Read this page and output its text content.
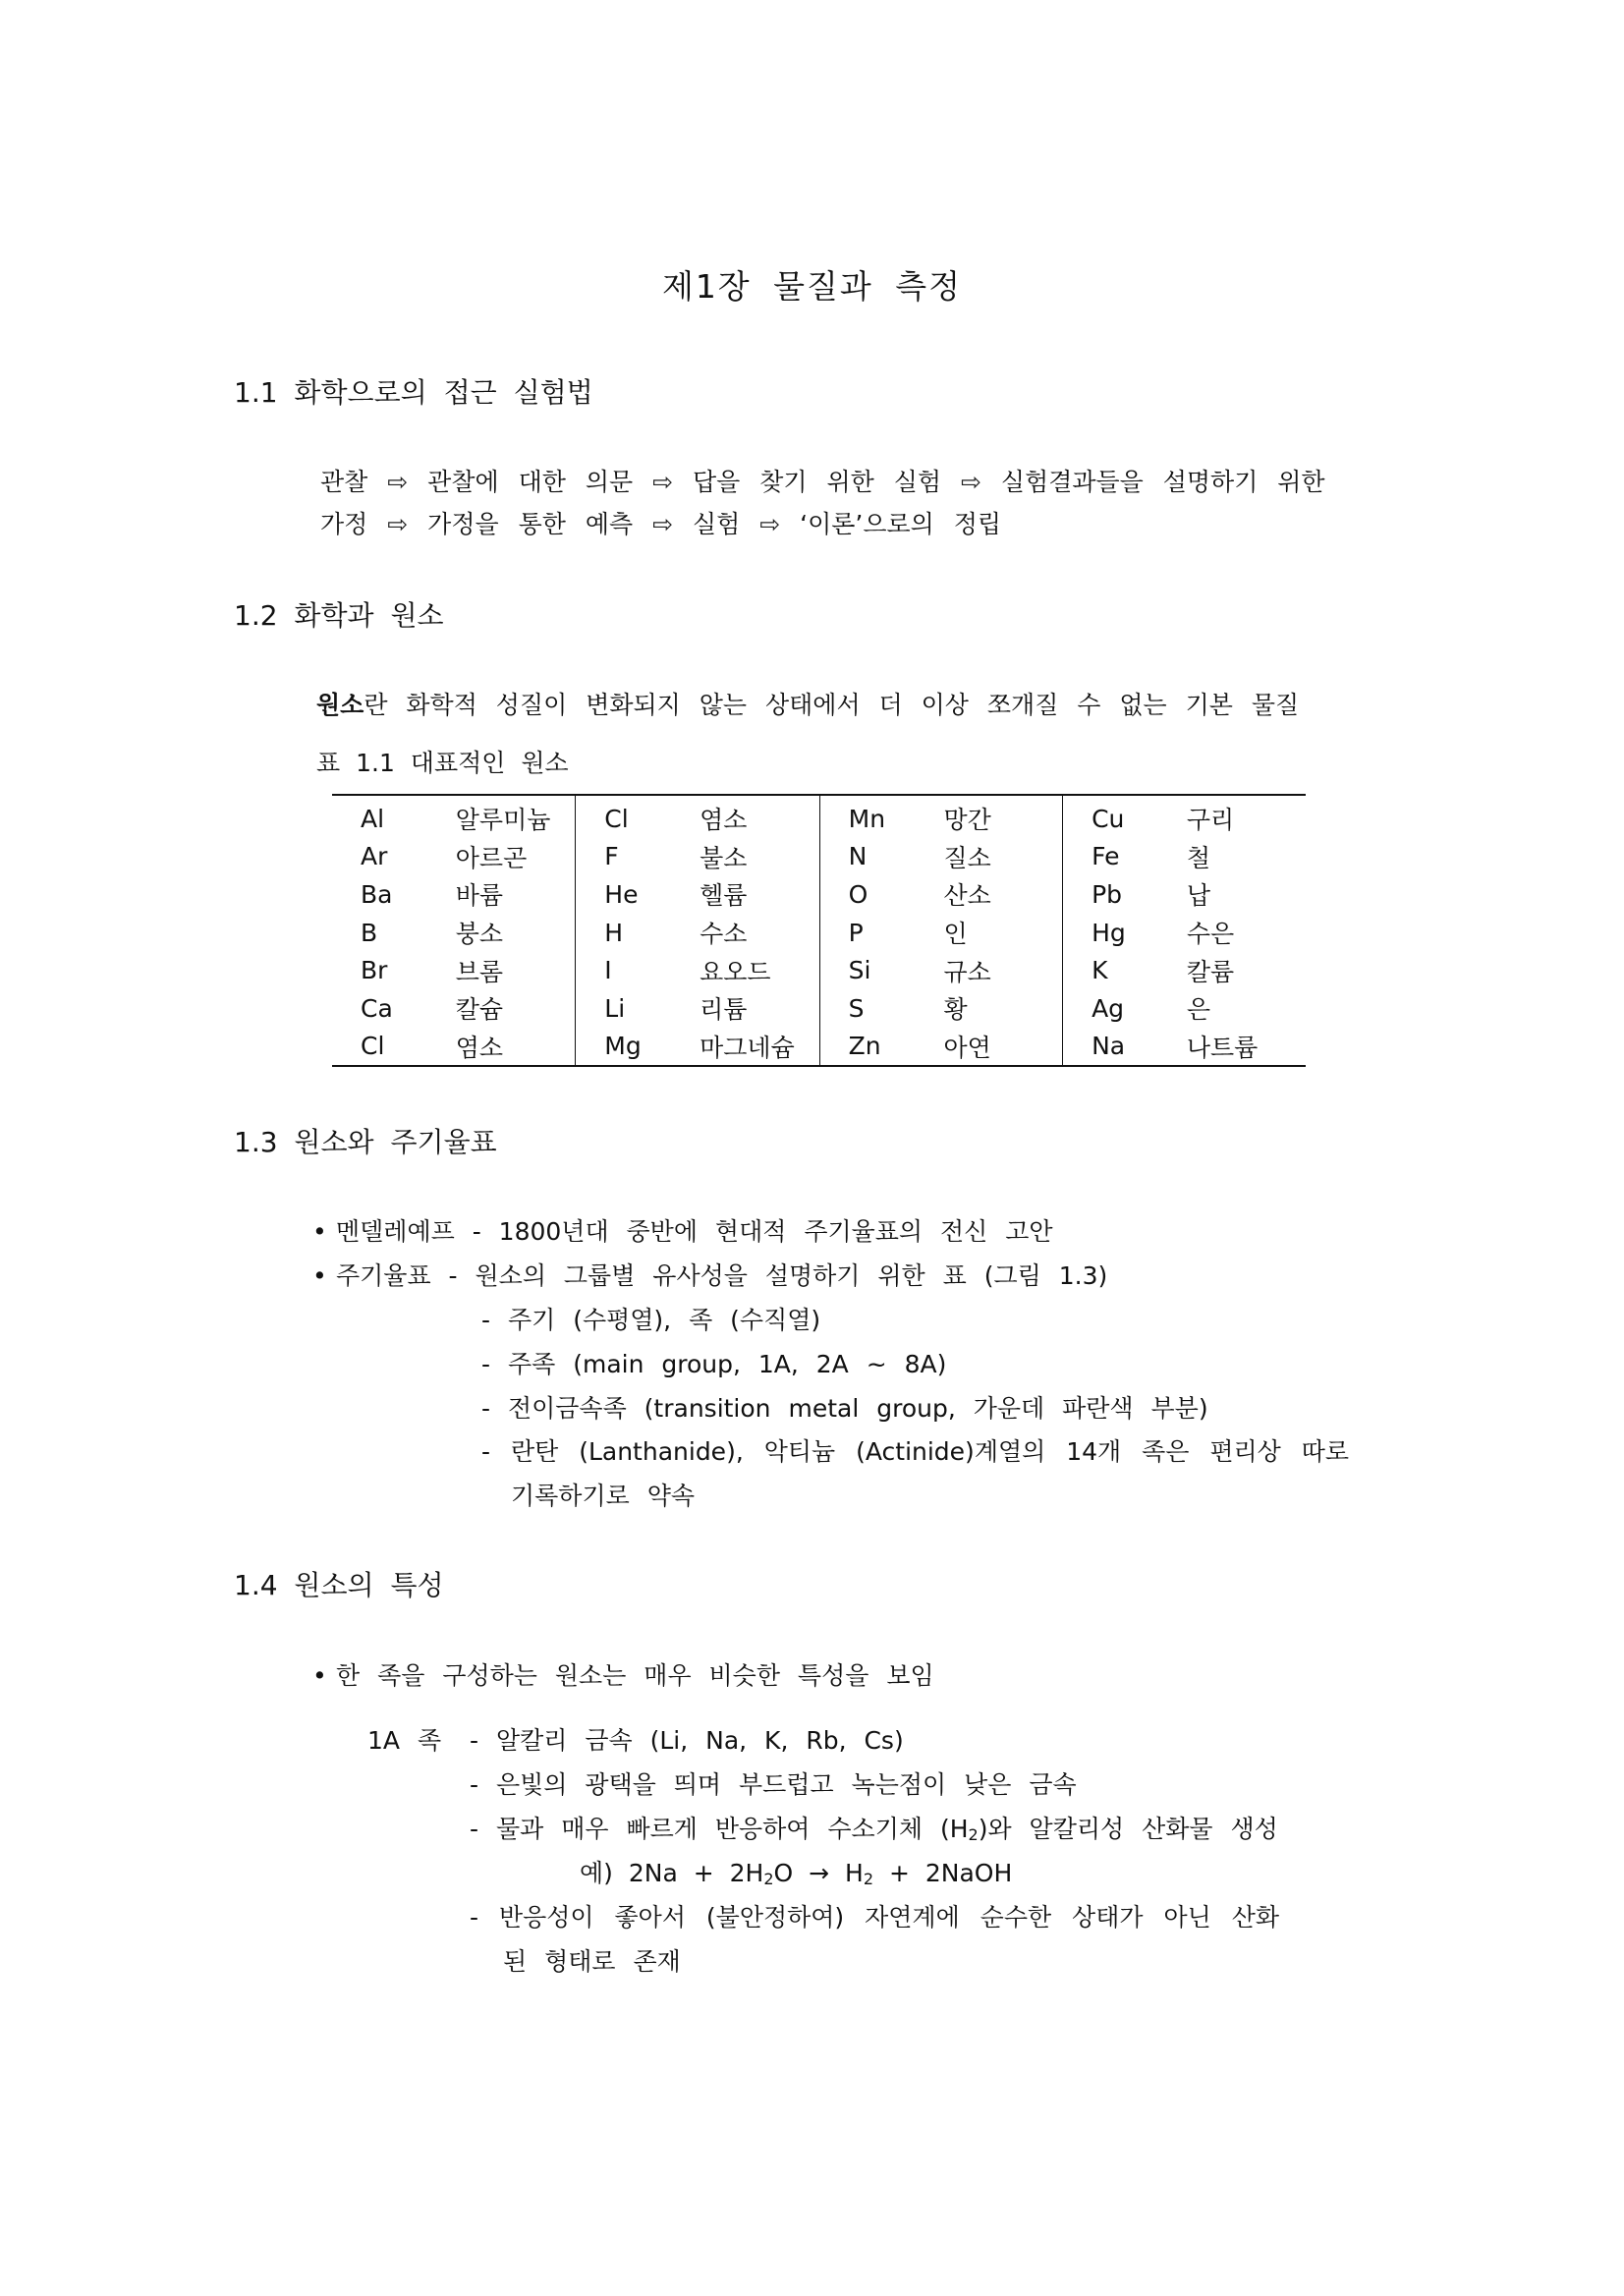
제1장 물질과 측정
1.1 화학으로의 접근 실험법
관찰 ⇨ 관찰에 대한 의문 ⇨ 답을 찾기 위한 실험 ⇨ 실험결과들을 설명하기 위한
가정 ⇨ 가정을 통한 예측 ⇨ 실험 ⇨ ‘이론’으로의 정립
1.2 화학과 원소
원소란 화학적 성질이 변화되지 않는 상태에서 더 이상 쪼개질 수 없는 기본 물질
표 1.1 대표적인 원소
Al	알루미늄	Cl	염소	Mn	망간	Cu	구리
Ar	아르곤	F	불소	N	질소	Fe	철
Ba	바륨	He	헬륨	O	산소	Pb	납
B	붕소	H	수소	P	인	Hg	수은
Br	브롬	I	요오드	Si	규소	K	칼륨
Ca	칼슘	Li	리튬	S	황	Ag	은
Cl	염소	Mg	마그네슘	Zn	아연	Na	나트륨
1.3 원소와 주기율표
• 멘델레예프 - 1800년대 중반에 현대적 주기율표의 전신 고안
• 주기율표 - 원소의 그룹별 유사성을 설명하기 위한 표 (그림 1.3)
- 주기 (수평열), 족 (수직열)
- 주족 (main group, 1A, 2A ~ 8A)
- 전이금속족 (transition metal group, 가운데 파란색 부분)
- 란탄 (Lanthanide), 악티늄 (Actinide)계열의 14개 족은 편리상 따로
기록하기로 약속
1.4 원소의 특성
• 한 족을 구성하는 원소는 매우 비슷한 특성을 보임
1A 족 - 알칼리 금속 (Li, Na, K, Rb, Cs)
- 은빛의 광택을 띄며 부드럽고 녹는점이 낮은 금속
- 물과 매우 빠르게 반응하여 수소기체 $(H_2)$와 알칼리성 산화물 생성
예) $2Na + 2H_2O \to H_2$ + 2NaOH
- 반응성이 좋아서 (불안정하여) 자연계에 순수한 상태가 아닌 산화
된 형태로 존재
